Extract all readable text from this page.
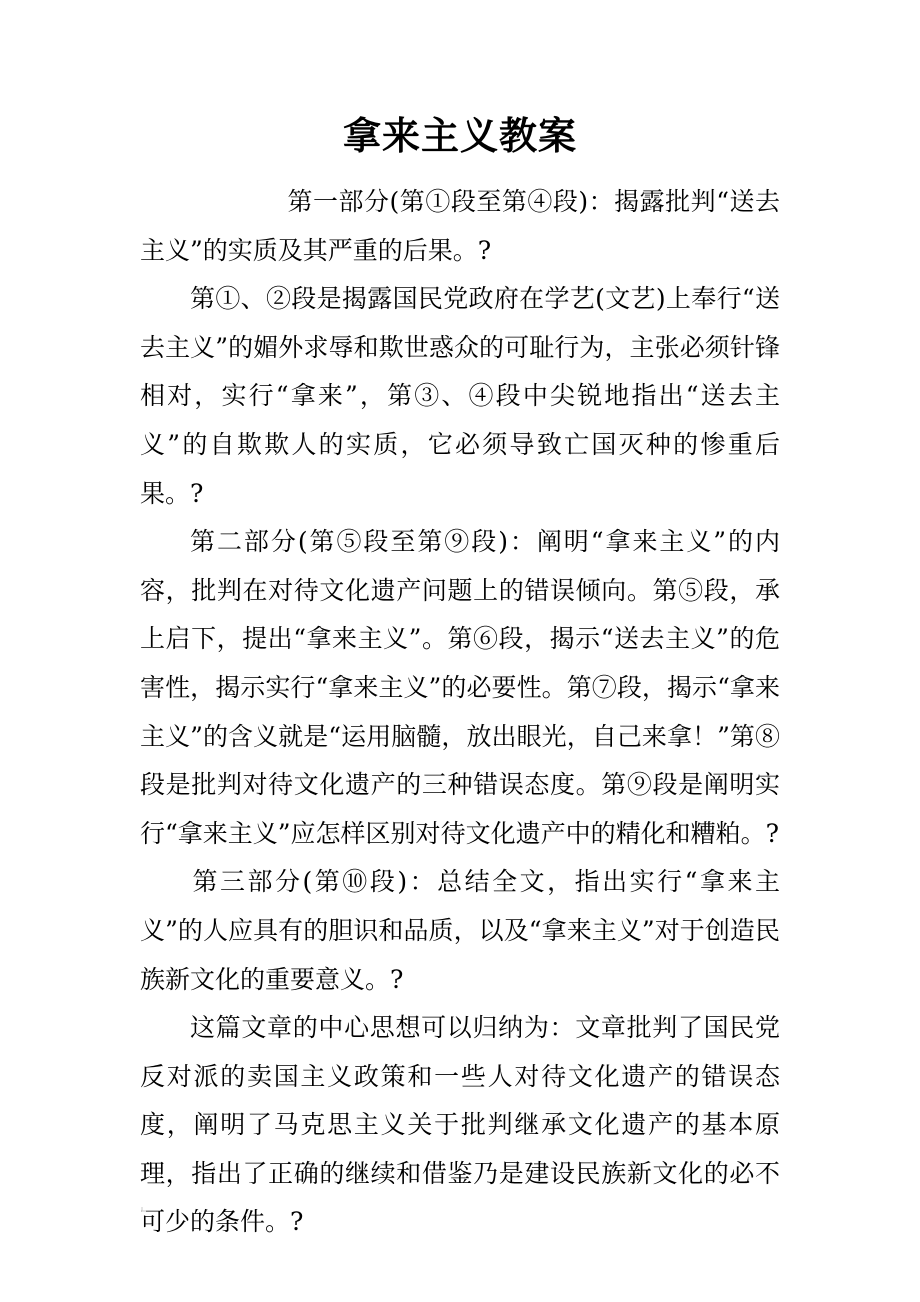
拿来主义教案

第一部分(第①段至第④段)：揭露批判“送去主义”的实质及其严重的后果。?

第①、②段是揭露国民党政府在学艺(文艺)上奉行“送去主义”的媚外求辱和欺世惑众的可耻行为，主张必须针锋相对，实行“拿来”，第③、④段中尖锐地指出“送去主义”的自欺欺人的实质，它必须导致亡国灭种的惨重后果。?

第二部分(第⑤段至第⑨段)：阐明“拿来主义”的内容，批判在对待文化遗产问题上的错误倾向。第⑤段，承上启下，提出“拿来主义”。第⑥段，揭示“送去主义”的危害性，揭示实行“拿来主义”的必要性。第⑦段，揭示“拿来主义”的含义就是“运用脑髓，放出眼光，自己来拿！”第⑧段是批判对待文化遗产的三种错误态度。第⑨段是阐明实行“拿来主义”应怎样区别对待文化遗产中的精化和糟粕。?

第三部分(第⑩段)：总结全文，指出实行“拿来主义”的人应具有的胆识和品质，以及“拿来主义”对于创造民族新文化的重要意义。?

这篇文章的中心思想可以归纳为：文章批判了国民党反对派的卖国主义政策和一些人对待文化遗产的错误态度，阐明了马克思主义关于批判继承文化遗产的基本原理，指出了正确的继续和借鉴乃是建设民族新文化的必不可少的条件。?
